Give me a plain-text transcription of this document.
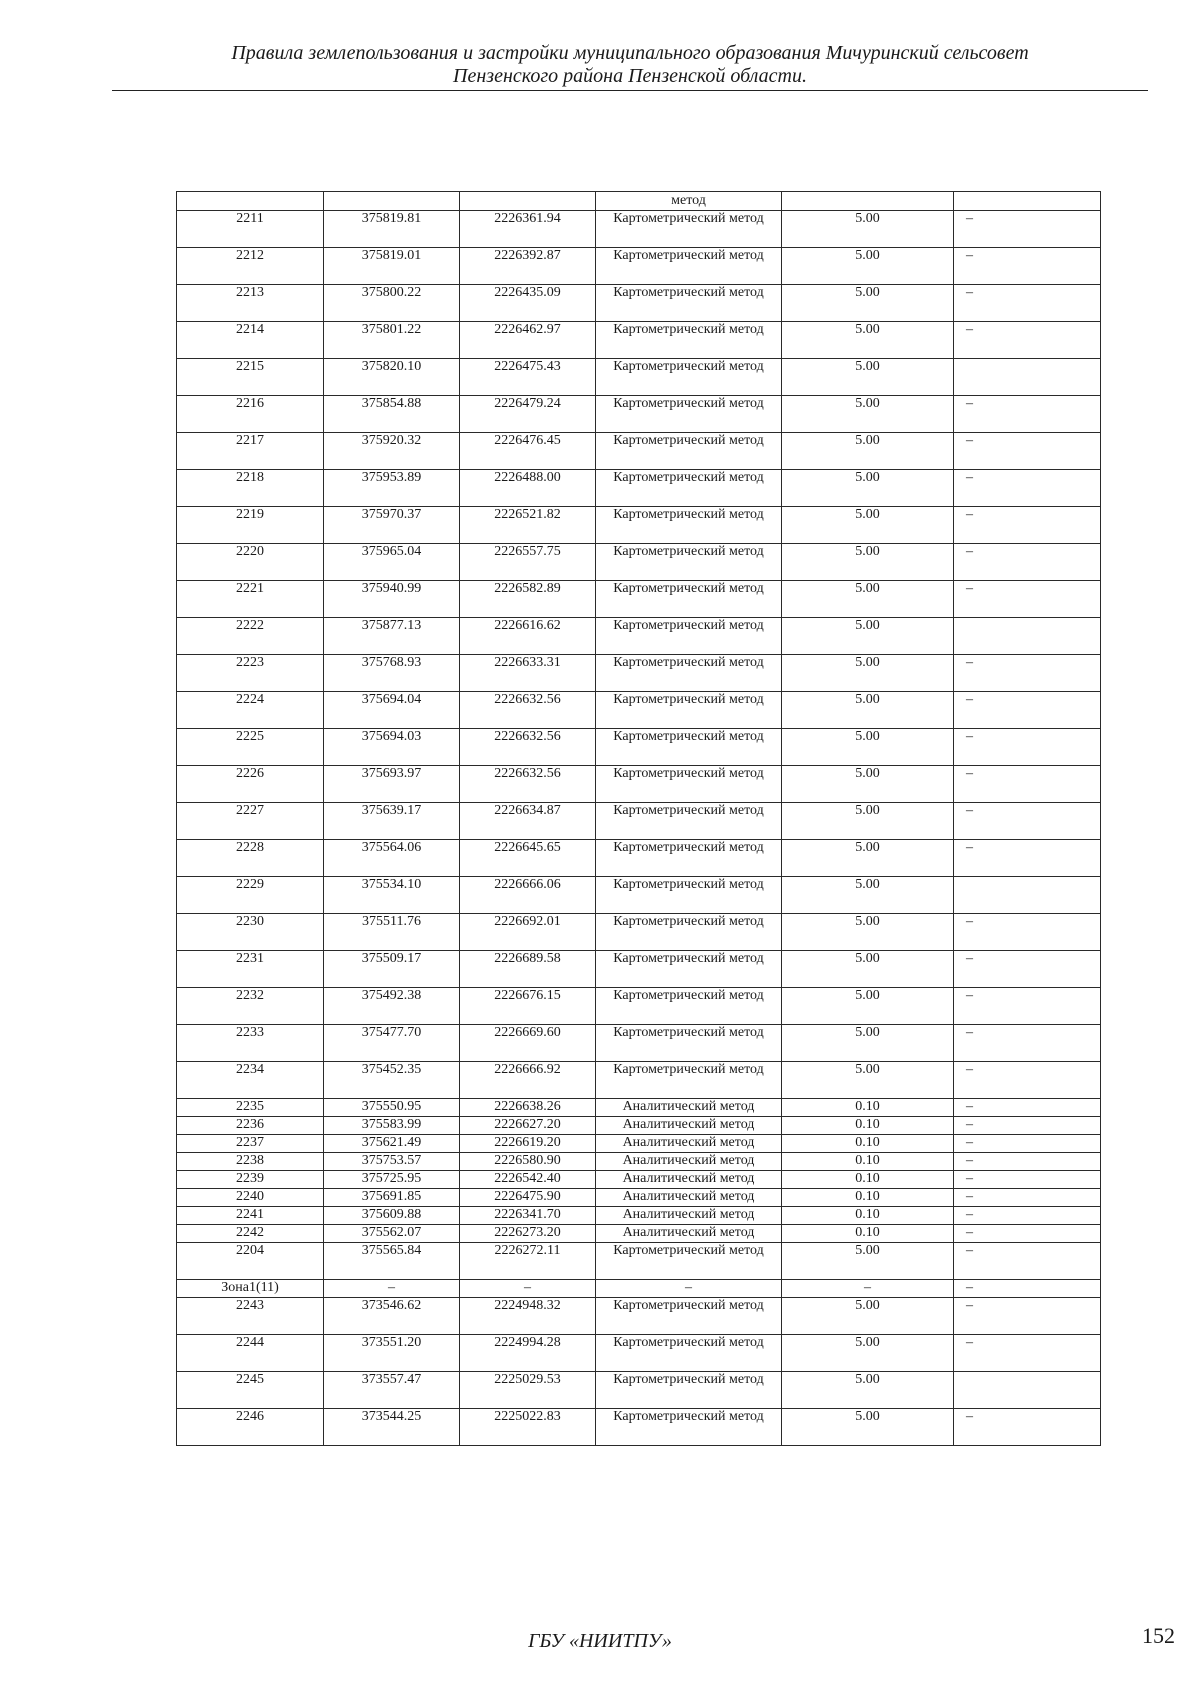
Правила землепользования и застройки муниципального образования Мичуринский сельсовет
Пензенского района Пензенской области.
			метод		
2211	375819.81	2226361.94	Картометрический метод	5.00	–
2212	375819.01	2226392.87	Картометрический метод	5.00	–
2213	375800.22	2226435.09	Картометрический метод	5.00	–
2214	375801.22	2226462.97	Картометрический метод	5.00	–
2215	375820.10	2226475.43	Картометрический метод	5.00	
2216	375854.88	2226479.24	Картометрический метод	5.00	–
2217	375920.32	2226476.45	Картометрический метод	5.00	–
2218	375953.89	2226488.00	Картометрический метод	5.00	–
2219	375970.37	2226521.82	Картометрический метод	5.00	–
2220	375965.04	2226557.75	Картометрический метод	5.00	–
2221	375940.99	2226582.89	Картометрический метод	5.00	–
2222	375877.13	2226616.62	Картометрический метод	5.00	
2223	375768.93	2226633.31	Картометрический метод	5.00	–
2224	375694.04	2226632.56	Картометрический метод	5.00	–
2225	375694.03	2226632.56	Картометрический метод	5.00	–
2226	375693.97	2226632.56	Картометрический метод	5.00	–
2227	375639.17	2226634.87	Картометрический метод	5.00	–
2228	375564.06	2226645.65	Картометрический метод	5.00	–
2229	375534.10	2226666.06	Картометрический метод	5.00	
2230	375511.76	2226692.01	Картометрический метод	5.00	–
2231	375509.17	2226689.58	Картометрический метод	5.00	–
2232	375492.38	2226676.15	Картометрический метод	5.00	–
2233	375477.70	2226669.60	Картометрический метод	5.00	–
2234	375452.35	2226666.92	Картометрический метод	5.00	–
2235	375550.95	2226638.26	Аналитический метод	0.10	–
2236	375583.99	2226627.20	Аналитический метод	0.10	–
2237	375621.49	2226619.20	Аналитический метод	0.10	–
2238	375753.57	2226580.90	Аналитический метод	0.10	–
2239	375725.95	2226542.40	Аналитический метод	0.10	–
2240	375691.85	2226475.90	Аналитический метод	0.10	–
2241	375609.88	2226341.70	Аналитический метод	0.10	–
2242	375562.07	2226273.20	Аналитический метод	0.10	–
2204	375565.84	2226272.11	Картометрический метод	5.00	–
Зона1(11)	–	–	–	–	–
2243	373546.62	2224948.32	Картометрический метод	5.00	–
2244	373551.20	2224994.28	Картометрический метод	5.00	–
2245	373557.47	2225029.53	Картометрический метод	5.00	
2246	373544.25	2225022.83	Картометрический метод	5.00	–
ГБУ «НИИТПУ»	152
